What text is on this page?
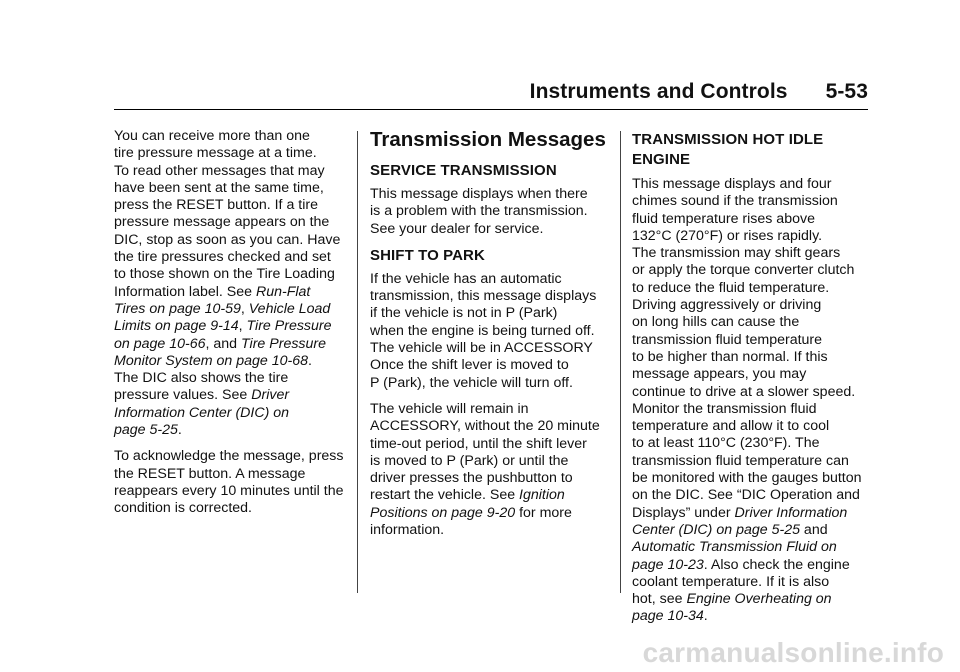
Instruments and Controls 5-53

You can receive more than one
tire pressure message at a time.
To read other messages that may
have been sent at the same time,
press the RESET button. If a tire
pressure message appears on the
DIC, stop as soon as you can. Have
the tire pressures checked and set
to those shown on the Tire Loading
Information label. See Run-Flat
Tires on page 10-59, Vehicle Load
Limits on page 9-14, Tire Pressure
on page 10-66, and Tire Pressure
Monitor System on page 10-68.
The DIC also shows the tire
pressure values. See Driver
Information Center (DIC) on
page 5-25.

To acknowledge the message, press
the RESET button. A message
reappears every 10 minutes until the
condition is corrected.

Transmission Messages
SERVICE TRANSMISSION

This message displays when there
is a problem with the transmission.
See your dealer for service.

SHIFT TO PARK

If the vehicle has an automatic
transmission, this message displays
if the vehicle is not in P (Park)
when the engine is being turned off.
The vehicle will be in ACCESSORY
Once the shift lever is moved to
P (Park), the vehicle will turn off.

The vehicle will remain in
ACCESSORY, without the 20 minute
time-out period, until the shift lever
is moved to P (Park) or until the
driver presses the pushbutton to
restart the vehicle. See Ignition
Positions on page 9-20 for more
information.

TRANSMISSION HOT IDLE
ENGINE

This message displays and four
chimes sound if the transmission
fluid temperature rises above
132°C (270°F) or rises rapidly.
The transmission may shift gears
or apply the torque converter clutch
to reduce the fluid temperature.
Driving aggressively or driving
on long hills can cause the
transmission fluid temperature
to be higher than normal. If this
message appears, you may
continue to drive at a slower speed.
Monitor the transmission fluid
temperature and allow it to cool
to at least 110°C (230°F). The
transmission fluid temperature can
be monitored with the gauges button
on the DIC. See “DIC Operation and
Displays” under Driver Information
Center (DIC) on page 5-25 and
Automatic Transmission Fluid on
page 10-23. Also check the engine
coolant temperature. If it is also
hot, see Engine Overheating on
page 10-34.

carmanualsonline.info
